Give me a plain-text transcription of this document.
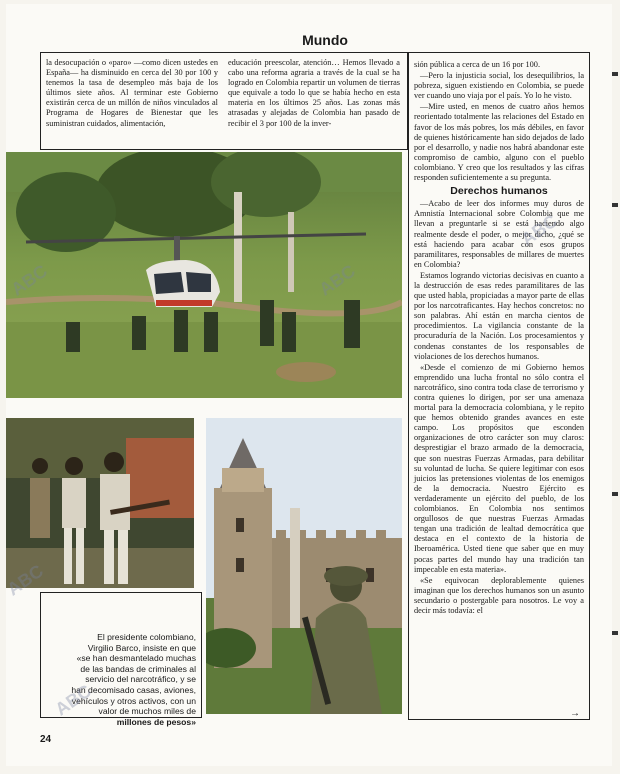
Mundo
la desocupación o «paro» —como dicen ustedes en España— ha disminuido en cerca del 30 por 100 y tenemos la tasa de desempleo más baja de los últimos siete años. Al terminar este Gobierno existirán cerca de un millón de niños vinculados al Programa de Hogares de Bienestar que les suministran cuidados, alimentación,
educación preescolar, atención… Hemos llevado a cabo una reforma agraria a través de la cual se ha logrado en Colombia repartir un volumen de tierras que equivale a todo lo que se había hecho en esta materia en los últimos 25 años. Las zonas más atrasadas y alejadas de Colombia han pasado de recibir el 3 por 100 de la inver-

sión pública a cerca de un 16 por 100.

—Pero la injusticia social, los desequilibrios, la pobreza, siguen existiendo en Colombia, se puede ver cuando uno viaja por el país. Yo lo he visto.

—Mire usted, en menos de cuatro años hemos reorientado totalmente las relaciones del Estado en favor de los más pobres, los más débiles, en favor de quienes históricamente han sido dejados de lado por el desarrollo, y nadie nos habrá abandonar este compromiso de cambio, alguno con el pueblo colombiano. Y creo que los resultados y las cifras responden suficientemente a su pregunta.

Derechos humanos

—Acabo de leer dos informes muy duros de Amnistía Internacional sobre Colombia que me llevan a preguntarle si se está haciendo algo realmente desde el poder, o mejor dicho, ¿qué se está haciendo para acabar con esos grupos paramilitares, responsables de millares de muertes en Colombia?

Estamos logrando victorias decisivas en cuanto a la destrucción de esas redes paramilitares de las que usted habla, propiciadas a mayor parte de ellas por los narcotraficantes. Hay hechos concretos: no son palabras. Ahí están en marcha cientos de procedimientos. La vigilancia constante de la procuraduría de la Nación. Los procesamientos y condenas constantes de los responsables de violaciones de los derechos humanos.

«Desde el comienzo de mi Gobierno hemos emprendido una lucha frontal no sólo contra el narcotráfico, sino contra toda clase de terrorismo y contra quienes lo dirigen, por ser una amenaza mortal para la democracia colombiana, y le repito que hemos obtenido grandes avances en este campo. Los propósitos que esconden organizaciones de otro carácter son muy claros: desprestigiar el brazo armado de la democracia, que son nuestras Fuerzas Armadas, para debilitar su voluntad de lucha. Se quiere legitimar con esos juicios las pretensiones violentas de los enemigos de la democracia. Nuestro Ejército es verdaderamente un ejército del pueblo, de los colombianos. En Colombia nos sentimos orgullosos de que nuestras Fuerzas Armadas tengan una tradición de lealtad democrática que destaca en el contexto de la historia de Iberoamérica. Usted tiene que saber que en muy pocas partes del mundo hay una tradición tan impecable en esta materia».

«Se equivocan deplorablemente quienes imaginan que los derechos humanos son un asunto secundario o postergable para nosotros. Le voy a decir más todavía: el

→
El presidente colombiano,
Virgilio Barco, insiste en que
«se han desmantelado muchas
de las bandas de criminales al
servicio del narcotráfico, y se
han decomisado casas, aviones,
vehículos y otros activos, con un
valor de muchos miles de
millones de pesos»
ABC	ABC
ABC
ABC
ABC
24
